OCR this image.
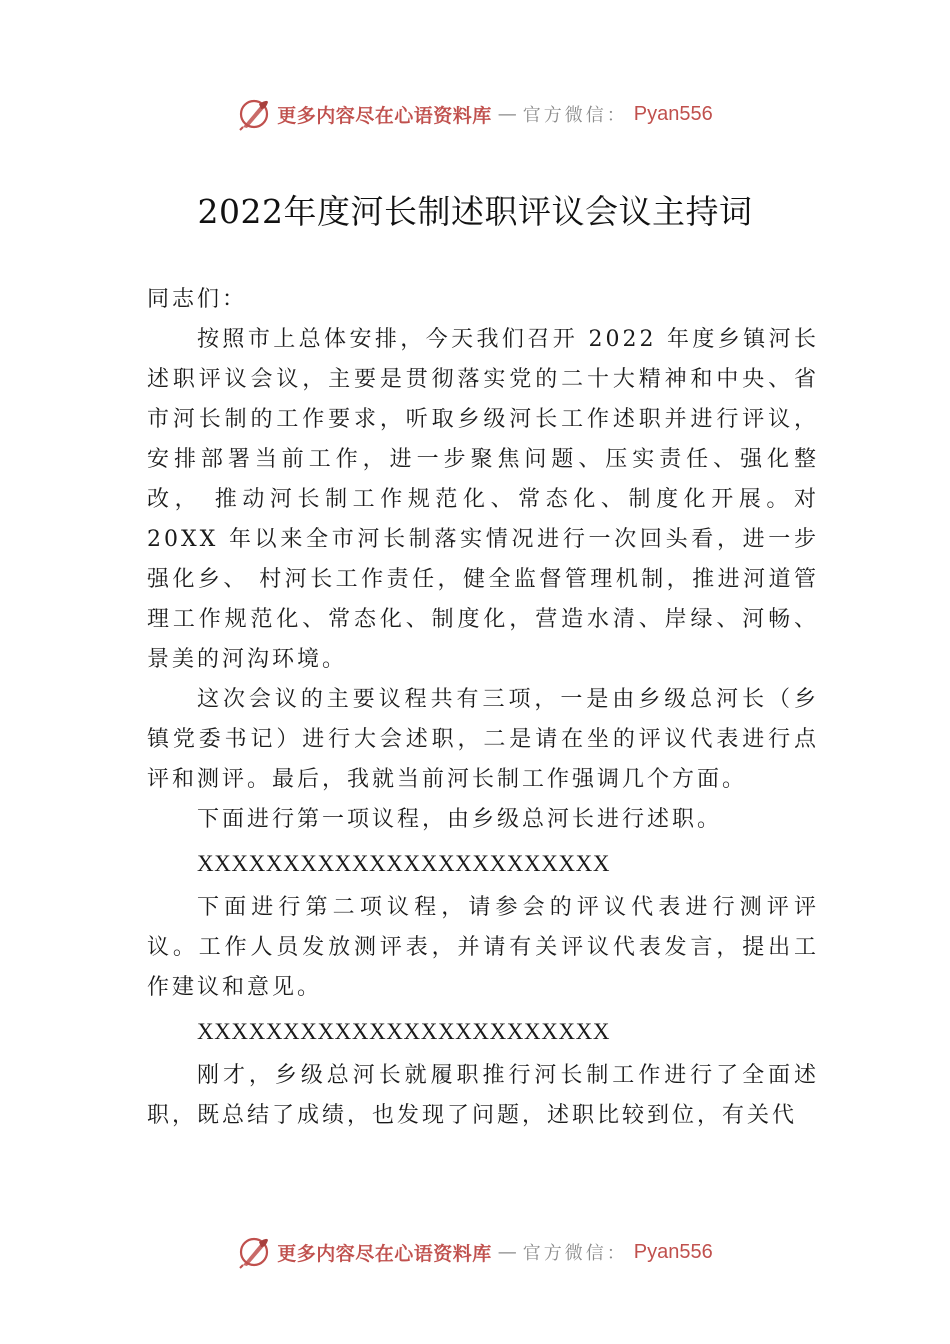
更多内容尽在心语资料库 — 官方微信： Pyan556
2022年度河长制述职评议会议主持词

同志们：

按照市上总体安排，今天我们召开 2022 年度乡镇河长述职评议会议，主要是贯彻落实党的二十大精神和中央、省市河长制的工作要求，听取乡级河长工作述职并进行评议， 安排部署当前工作，进一步聚焦问题、压实责任、强化整改， 推动河长制工作规范化、常态化、制度化开展。对 20XX 年以来全市河长制落实情况进行一次回头看，进一步强化乡、 村河长工作责任，健全监督管理机制，推进河道管理工作规范化、常态化、制度化，营造水清、岸绿、河畅、景美的河沟环境。

这次会议的主要议程共有三项，一是由乡级总河长（乡镇党委书记）进行大会述职，二是请在坐的评议代表进行点评和测评。最后，我就当前河长制工作强调几个方面。

下面进行第一项议程，由乡级总河长进行述职。

XXXXXXXXXXXXXXXXXXXXXXXX

下面进行第二项议程，请参会的评议代表进行测评评议。工作人员发放测评表，并请有关评议代表发言，提出工作建议和意见。

XXXXXXXXXXXXXXXXXXXXXXXX

刚才，乡级总河长就履职推行河长制工作进行了全面述职，既总结了成绩，也发现了问题，述职比较到位，有关代

更多内容尽在心语资料库 — 官方微信： Pyan556
